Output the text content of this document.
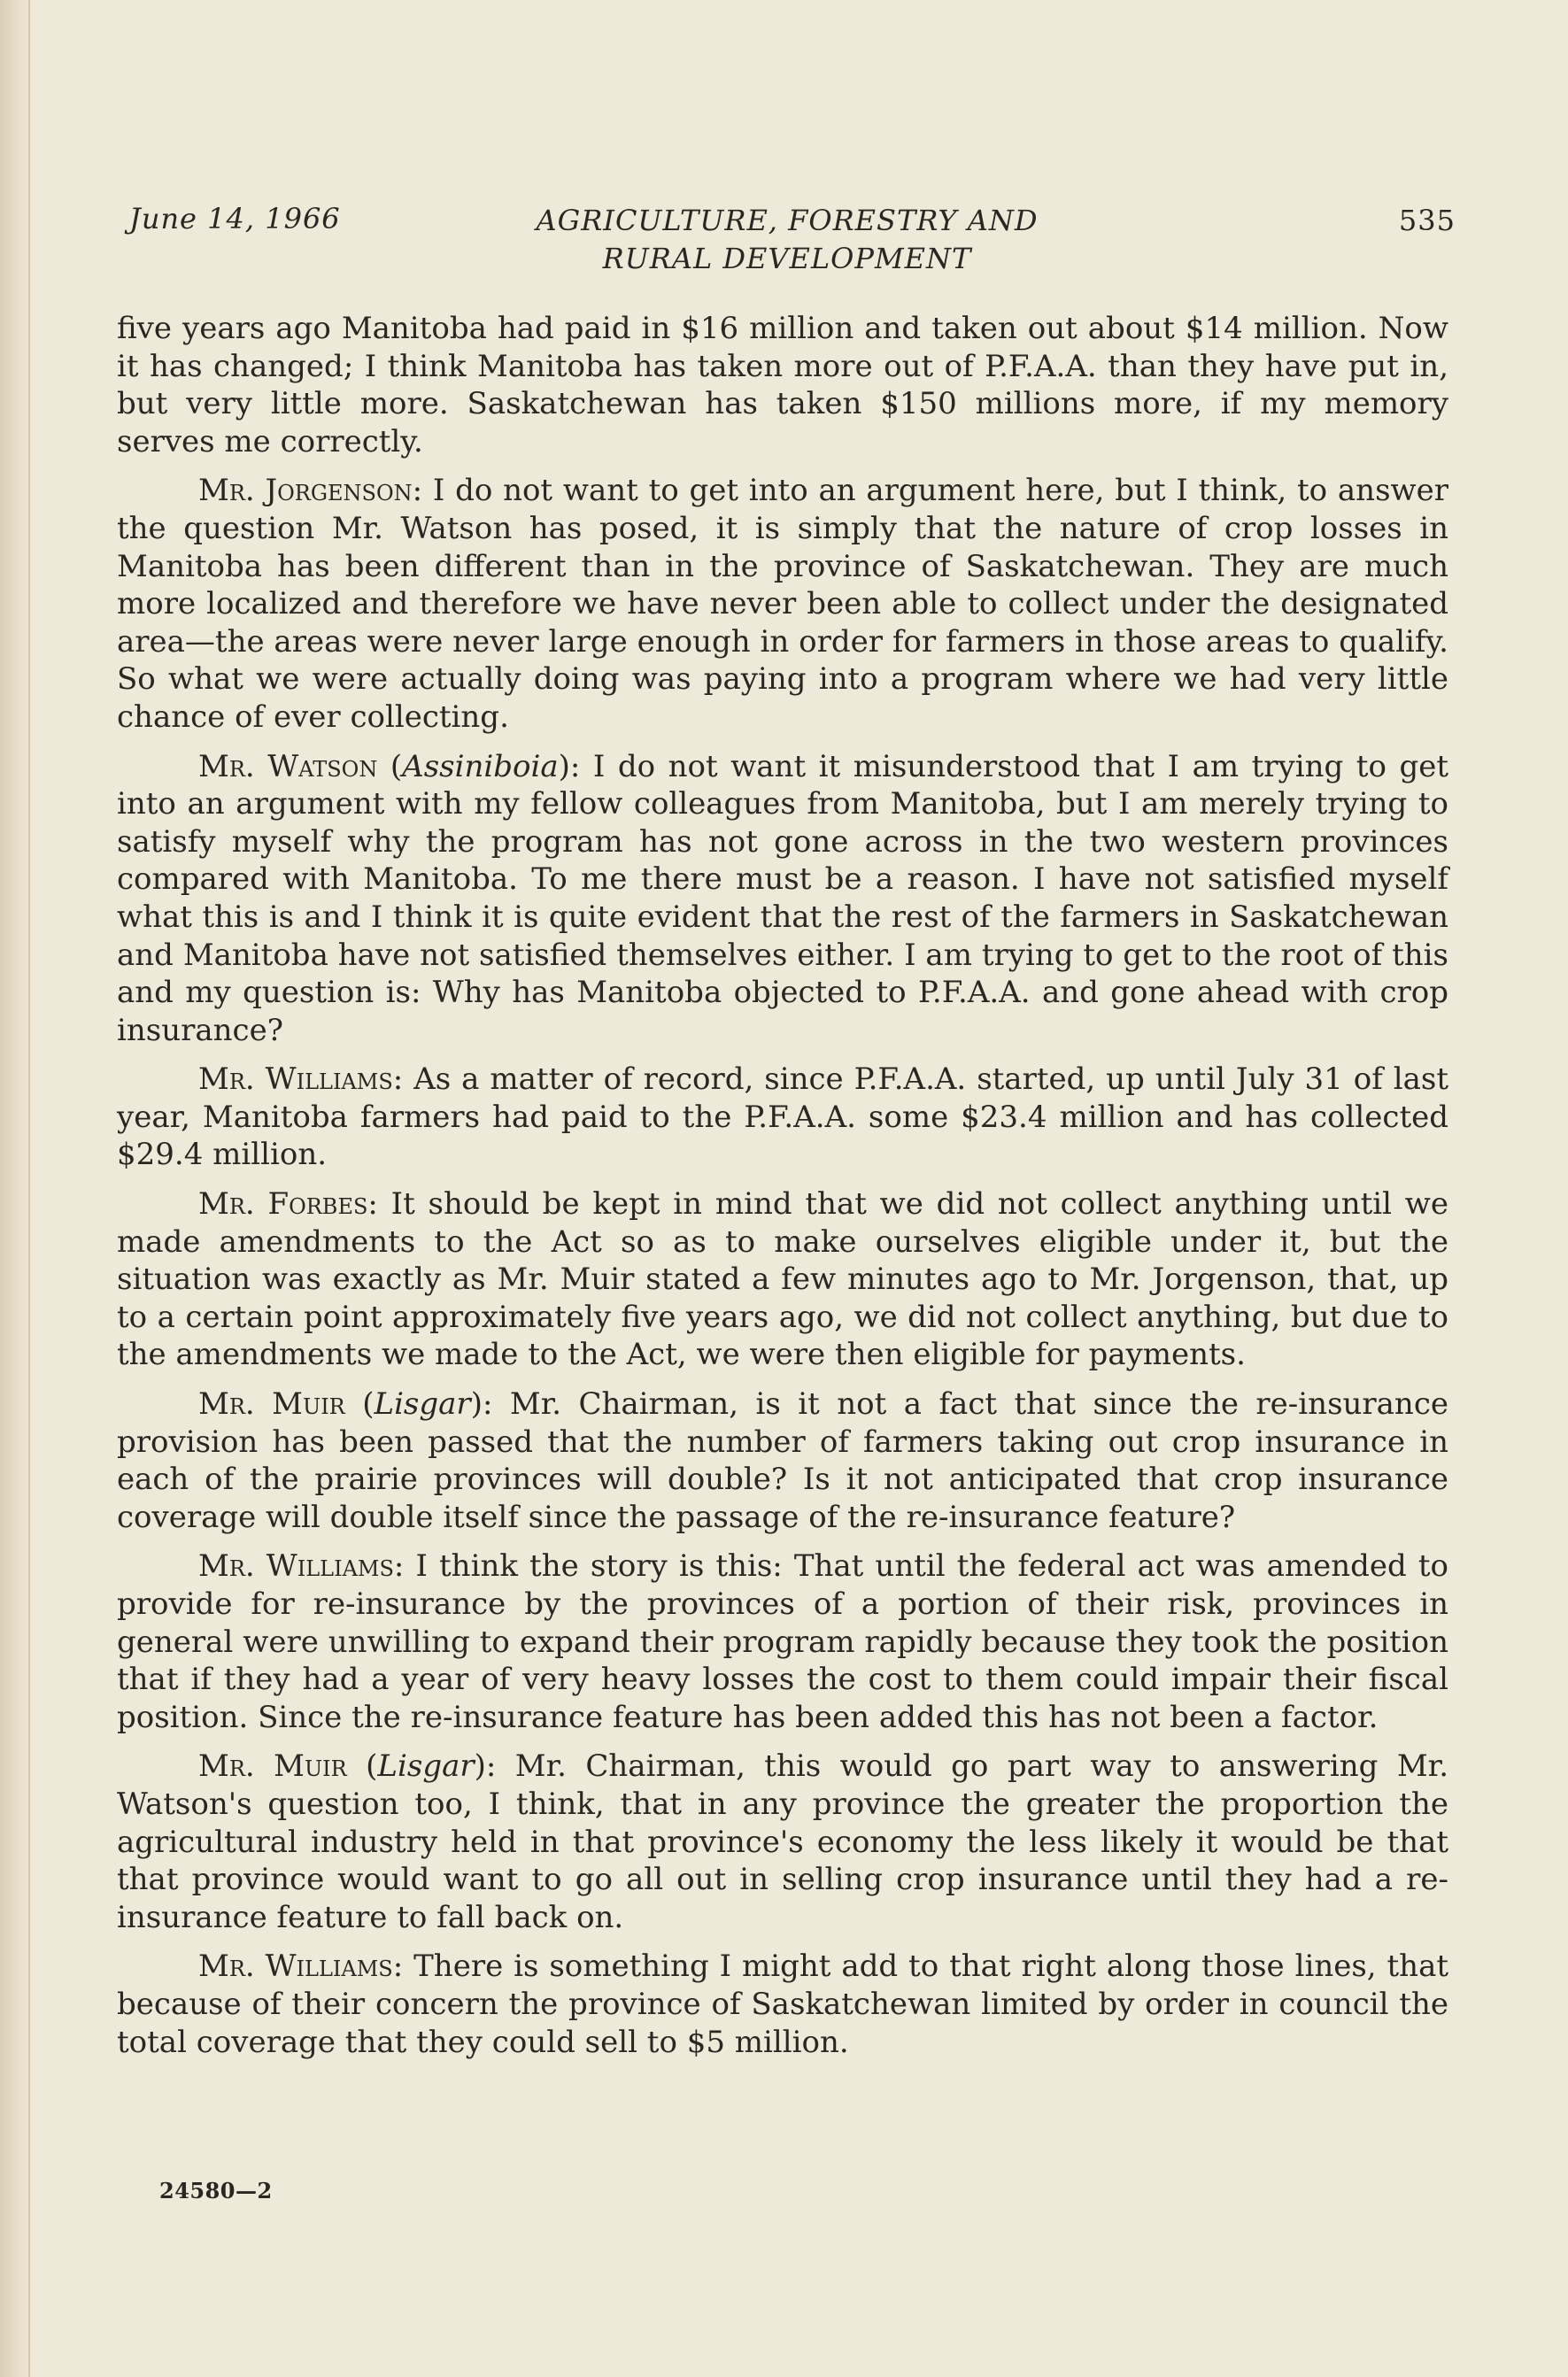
June 14, 1966	AGRICULTURE, FORESTRY AND
RURAL DEVELOPMENT
535

five years ago Manitoba had paid in $16 million and taken out about $14 million. Now it has changed; I think Manitoba has taken more out of P.F.A.A. than they have put in, but very little more. Saskatchewan has taken $150 millions more, if my memory serves me correctly.

Mr. Jorgenson: I do not want to get into an argument here, but I think, to answer the question Mr. Watson has posed, it is simply that the nature of crop losses in Manitoba has been different than in the province of Saskatchewan. They are much more localized and therefore we have never been able to collect under the designated area—the areas were never large enough in order for farmers in those areas to qualify. So what we were actually doing was paying into a program where we had very little chance of ever collecting.

Mr. Watson (Assiniboia): I do not want it misunderstood that I am trying to get into an argument with my fellow colleagues from Manitoba, but I am merely trying to satisfy myself why the program has not gone across in the two western provinces compared with Manitoba. To me there must be a reason. I have not satisfied myself what this is and I think it is quite evident that the rest of the farmers in Saskatchewan and Manitoba have not satisfied themselves either. I am trying to get to the root of this and my question is: Why has Manitoba objected to P.F.A.A. and gone ahead with crop insurance?

Mr. Williams: As a matter of record, since P.F.A.A. started, up until July 31 of last year, Manitoba farmers had paid to the P.F.A.A. some $23.4 million and has collected $29.4 million.

Mr. Forbes: It should be kept in mind that we did not collect anything until we made amendments to the Act so as to make ourselves eligible under it, but the situation was exactly as Mr. Muir stated a few minutes ago to Mr. Jorgenson, that, up to a certain point approximately five years ago, we did not collect anything, but due to the amendments we made to the Act, we were then eligible for payments.

Mr. Muir (Lisgar): Mr. Chairman, is it not a fact that since the re-insurance provision has been passed that the number of farmers taking out crop insurance in each of the prairie provinces will double? Is it not anticipated that crop insurance coverage will double itself since the passage of the re-insurance feature?

Mr. Williams: I think the story is this: That until the federal act was amended to provide for re-insurance by the provinces of a portion of their risk, provinces in general were unwilling to expand their program rapidly because they took the position that if they had a year of very heavy losses the cost to them could impair their fiscal position. Since the re-insurance feature has been added this has not been a factor.

Mr. Muir (Lisgar): Mr. Chairman, this would go part way to answering Mr. Watson's question too, I think, that in any province the greater the proportion the agricultural industry held in that province's economy the less likely it would be that that province would want to go all out in selling crop insurance until they had a re-insurance feature to fall back on.

Mr. Williams: There is something I might add to that right along those lines, that because of their concern the province of Saskatchewan limited by order in council the total coverage that they could sell to $5 million.

24580—2
